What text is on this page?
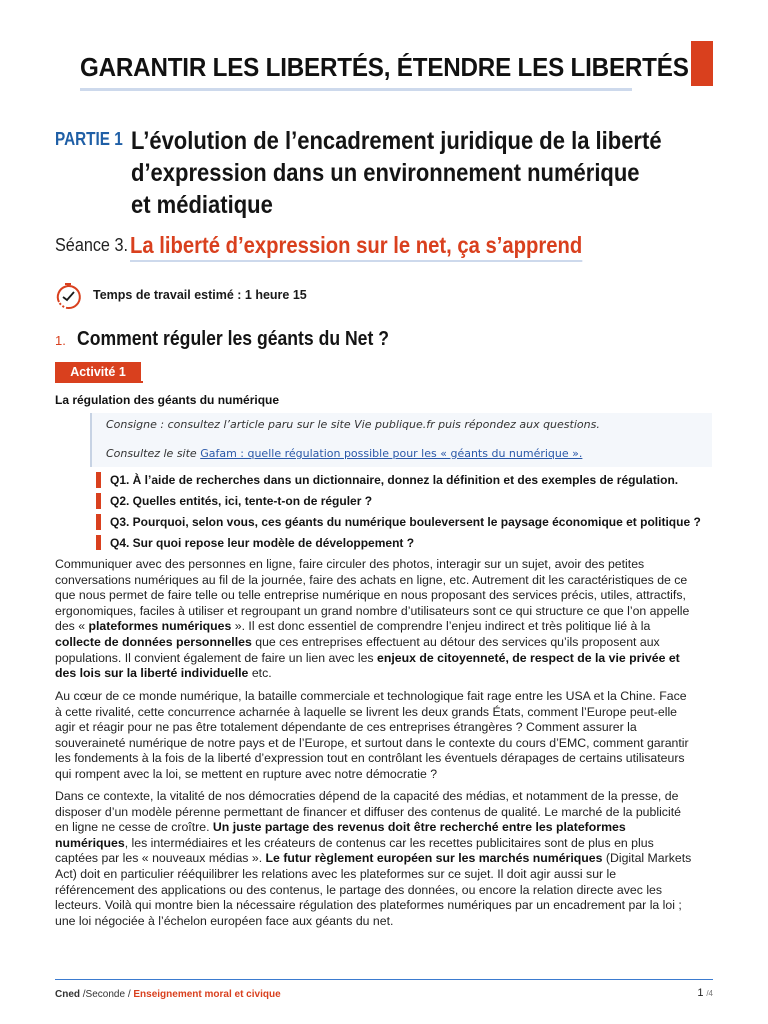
GARANTIR LES LIBERTÉS, ÉTENDRE LES LIBERTÉS
PARTIE 1 L’évolution de l’encadrement juridique de la liberté
d’expression dans un environnement numérique
et médiatique
Séance 3. La liberté d’expression sur le net, ça s’apprend
Temps de travail estimé : 1 heure 15
1. Comment réguler les géants du Net ?
Activité 1
La régulation des géants du numérique
Consigne : consultez l’article paru sur le site Vie publique.fr puis répondez aux questions.
Consultez le site Gafam : quelle régulation possible pour les « géants du numérique ».
Q1. À l’aide de recherches dans un dictionnaire, donnez la définition et des exemples de régulation.
Q2. Quelles entités, ici, tente-t-on de réguler ?
Q3. Pourquoi, selon vous, ces géants du numérique bouleversent le paysage économique et politique ?
Q4. Sur quoi repose leur modèle de développement ?
Communiquer avec des personnes en ligne, faire circuler des photos, interagir sur un sujet, avoir des petites conversations numériques au fil de la journée, faire des achats en ligne, etc. Autrement dit les caractéristiques de ce que nous permet de faire telle ou telle entreprise numérique en nous proposant des services précis, utiles, attractifs, ergonomiques, faciles à utiliser et regroupant un grand nombre d’utilisateurs sont ce qui structure ce que l’on appelle des « plateformes numériques ». Il est donc essentiel de comprendre l’enjeu indirect et très politique lié à la collecte de données personnelles que ces entreprises effectuent au détour des services qu’ils proposent aux populations. Il convient également de faire un lien avec les enjeux de citoyenneté, de respect de la vie privée et des lois sur la liberté individuelle etc.
Au cœur de ce monde numérique, la bataille commerciale et technologique fait rage entre les USA et la Chine. Face à cette rivalité, cette concurrence acharnée à laquelle se livrent les deux grands États, comment l’Europe peut-elle agir et réagir pour ne pas être totalement dépendante de ces entreprises étrangères ? Comment assurer la souveraineté numérique de notre pays et de l’Europe, et surtout dans le contexte du cours d’EMC, comment garantir les fondements à la fois de la liberté d’expression tout en contrôlant les éventuels dérapages de certains utilisateurs qui rompent avec la loi, se mettent en rupture avec notre démocratie ?
Dans ce contexte, la vitalité de nos démocraties dépend de la capacité des médias, et notamment de la presse, de disposer d’un modèle pérenne permettant de financer et diffuser des contenus de qualité. Le marché de la publicité en ligne ne cesse de croître. Un juste partage des revenus doit être recherché entre les plateformes numériques, les intermédiaires et les créateurs de contenus car les recettes publicitaires sont de plus en plus captées par les « nouveaux médias ». Le futur règlement européen sur les marchés numériques (Digital Markets Act) doit en particulier rééquilibrer les relations avec les plateformes sur ce sujet. Il doit agir aussi sur le référencement des applications ou des contenus, le partage des données, ou encore la relation directe avec les lecteurs. Voilà qui montre bien la nécessaire régulation des plateformes numériques par un encadrement par la loi ; une loi négociée à l’échelon européen face aux géants du net.
Cned /Seconde / Enseignement moral et civique	1 /4
